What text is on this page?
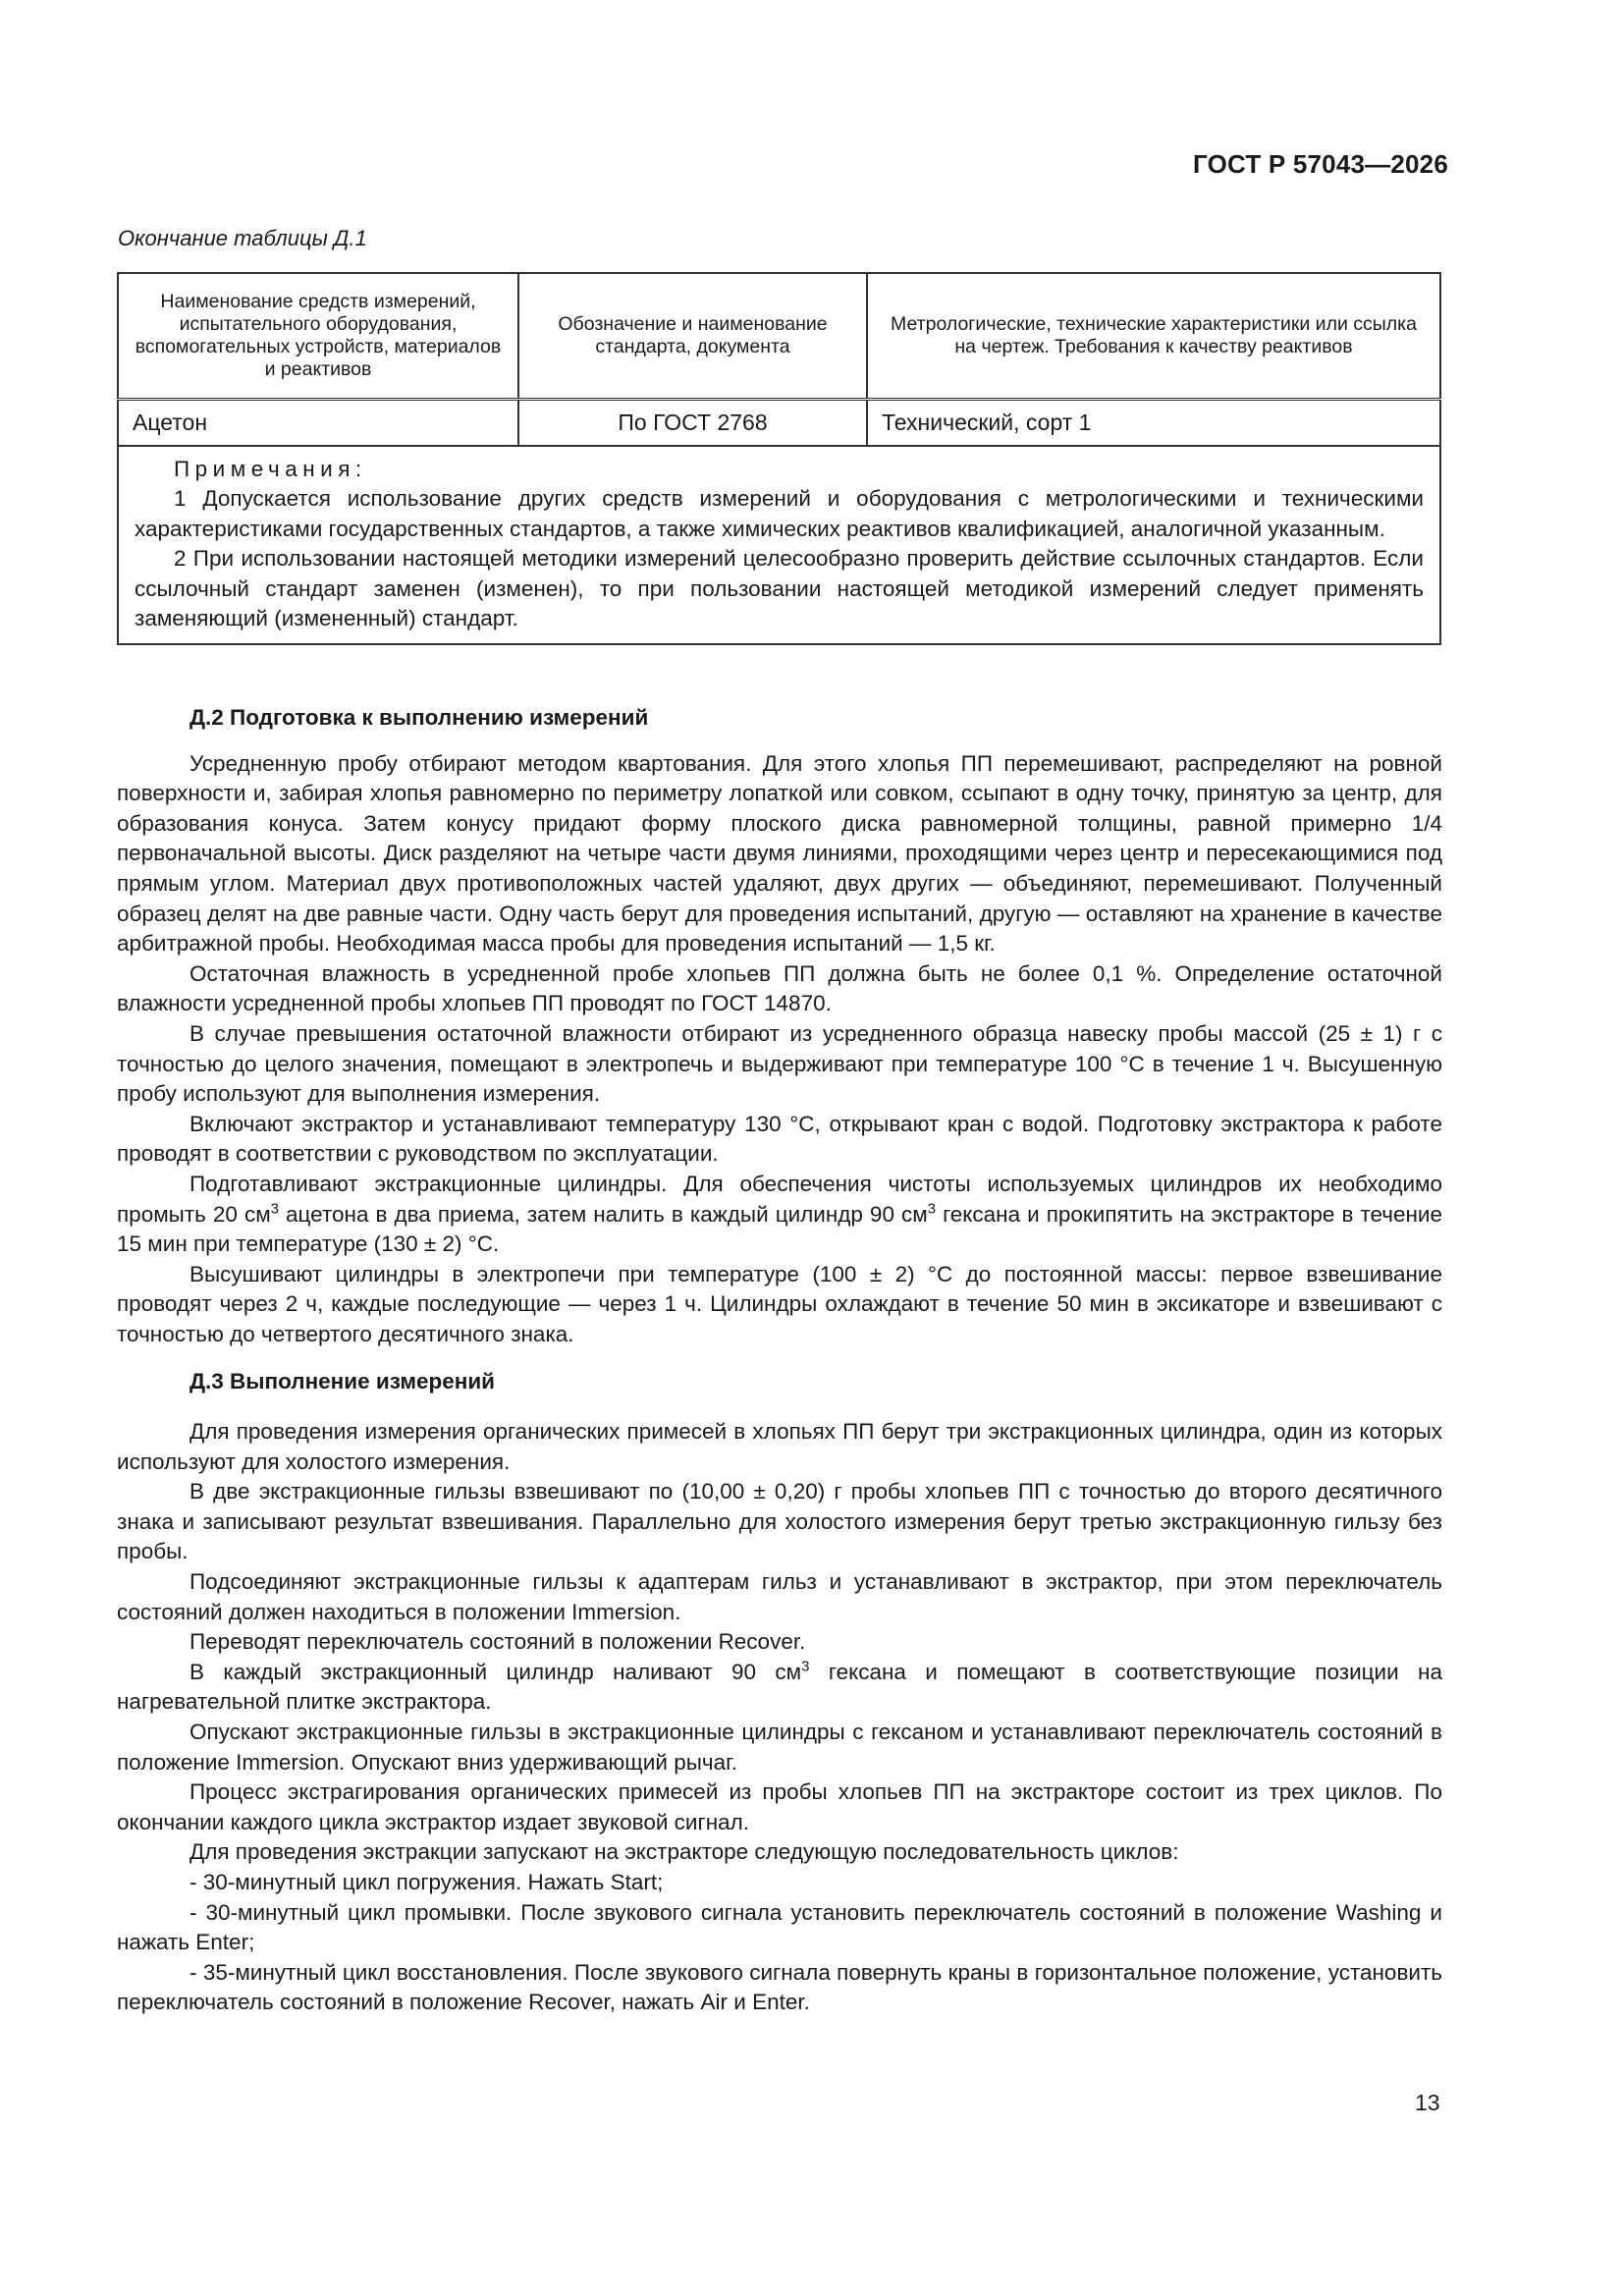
ГОСТ Р 57043—2026
Окончание таблицы Д.1
Наименование средств измерений, испытательного оборудования, вспомогательных устройств, материалов и реактивов	Обозначение и наименование стандарта, документа	Метрологические, технические характеристики или ссылка на чертеж. Требования к качеству реактивов
Ацетон	По ГОСТ 2768	Технический, сорт 1

Примечания:
1 Допускается использование других средств измерений и оборудования с метрологическими и техническими характеристиками государственных стандартов, а также химических реактивов квалификацией, аналогичной указанным.
2 При использовании настоящей методики измерений целесообразно проверить действие ссылочных стандартов. Если ссылочный стандарт заменен (изменен), то при пользовании настоящей методикой измерений следует применять заменяющий (измененный) стандарт.		
Д.2 Подготовка к выполнению измерений

Усредненную пробу отбирают методом квартования. Для этого хлопья ПП перемешивают, распределяют на ровной поверхности и, забирая хлопья равномерно по периметру лопаткой или совком, ссыпают в одну точку, принятую за центр, для образования конуса. Затем конусу придают форму плоского диска равномерной толщины, равной примерно 1/4 первоначальной высоты. Диск разделяют на четыре части двумя линиями, проходящими через центр и пересекающимися под прямым углом. Материал двух противоположных частей удаляют, двух других — объединяют, перемешивают. Полученный образец делят на две равные части. Одну часть берут для проведения испытаний, другую — оставляют на хранение в качестве арбитражной пробы. Необходимая масса пробы для проведения испытаний — 1,5 кг.

Остаточная влажность в усредненной пробе хлопьев ПП должна быть не более 0,1 %. Определение остаточной влажности усредненной пробы хлопьев ПП проводят по ГОСТ 14870.

В случае превышения остаточной влажности отбирают из усредненного образца навеску пробы массой (25 ± 1) г с точностью до целого значения, помещают в электропечь и выдерживают при температуре 100 °С в течение 1 ч. Высушенную пробу используют для выполнения измерения.

Включают экстрактор и устанавливают температуру 130 °С, открывают кран с водой. Подготовку экстрактора к работе проводят в соответствии с руководством по эксплуатации.

Подготавливают экстракционные цилиндры. Для обеспечения чистоты используемых цилиндров их необходимо промыть 20 $см^3$ ацетона в два приема, затем налить в каждый цилиндр 90 $см^3$ гексана и прокипятить на экстракторе в течение 15 мин при температуре (130 ± 2) °С.

Высушивают цилиндры в электропечи при температуре (100 ± 2) °С до постоянной массы: первое взвешивание проводят через 2 ч, каждые последующие — через 1 ч. Цилиндры охлаждают в течение 50 мин в эксикаторе и взвешивают с точностью до четвертого десятичного знака.

Д.3 Выполнение измерений

Для проведения измерения органических примесей в хлопьях ПП берут три экстракционных цилиндра, один из которых используют для холостого измерения.

В две экстракционные гильзы взвешивают по (10,00 ± 0,20) г пробы хлопьев ПП с точностью до второго десятичного знака и записывают результат взвешивания. Параллельно для холостого измерения берут третью экстракционную гильзу без пробы.

Подсоединяют экстракционные гильзы к адаптерам гильз и устанавливают в экстрактор, при этом переключатель состояний должен находиться в положении Immersion.

Переводят переключатель состояний в положении Recover.

В каждый экстракционный цилиндр наливают 90 $см^3$ гексана и помещают в соответствующие позиции на нагревательной плитке экстрактора.

Опускают экстракционные гильзы в экстракционные цилиндры с гексаном и устанавливают переключатель состояний в положение Immersion. Опускают вниз удерживающий рычаг.

Процесс экстрагирования органических примесей из пробы хлопьев ПП на экстракторе состоит из трех циклов. По окончании каждого цикла экстрактор издает звуковой сигнал.

Для проведения экстракции запускают на экстракторе следующую последовательность циклов:

- 30-минутный цикл погружения. Нажать Start;

- 30-минутный цикл промывки. После звукового сигнала установить переключатель состояний в положение Washing и нажать Enter;

- 35-минутный цикл восстановления. После звукового сигнала повернуть краны в горизонтальное положение, установить переключатель состояний в положение Recover, нажать Air и Enter.

13
